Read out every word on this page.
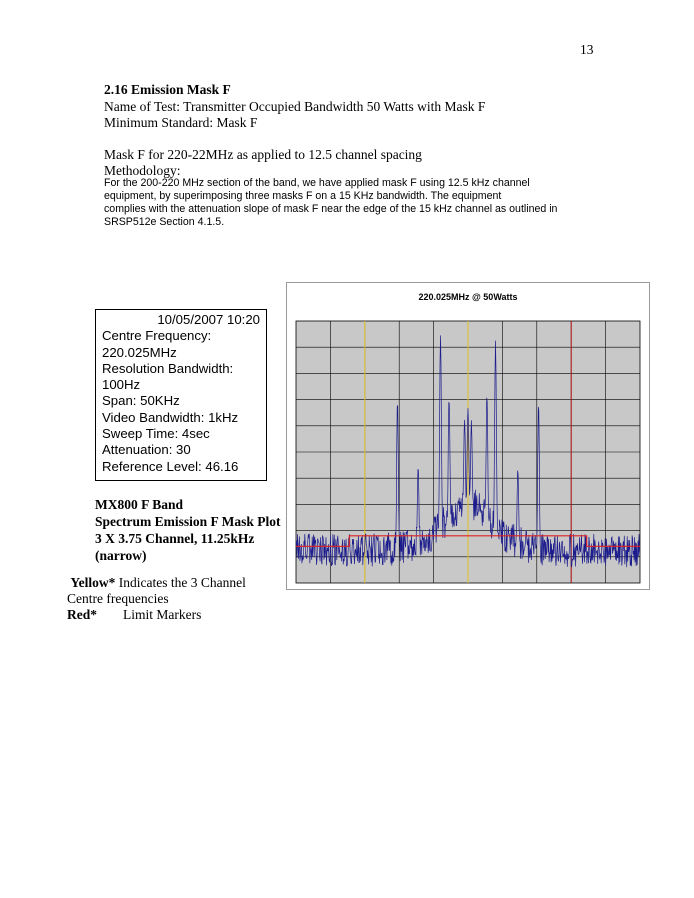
13
2.16 Emission Mask F
Name of Test: Transmitter Occupied Bandwidth 50 Watts with Mask F
Minimum Standard: Mask F
Mask F for 220-22MHz as applied to 12.5 channel spacing
Methodology:
For the 200-220 MHz section of the band, we have applied mask F using 12.5 kHz channel
equipment, by superimposing three masks F on a 15 KHz bandwidth. The equipment
complies with the attenuation slope of mask F near the edge of the 15 kHz channel as outlined in
SRSP512e Section 4.1.5.
10/05/2007 10:20
Centre Frequency:
220.025MHz
Resolution Bandwidth:
100Hz
Span: 50KHz
Video Bandwidth: 1kHz
Sweep Time: 4sec
Attenuation: 30
Reference Level: 46.16
MX800 F Band
Spectrum Emission F Mask Plot
3 X 3.75 Channel, 11.25kHz
(narrow)
Yellow* Indicates the 3 Channel
Centre frequencies
Red* Limit Markers
220.025MHz @ 50Watts
